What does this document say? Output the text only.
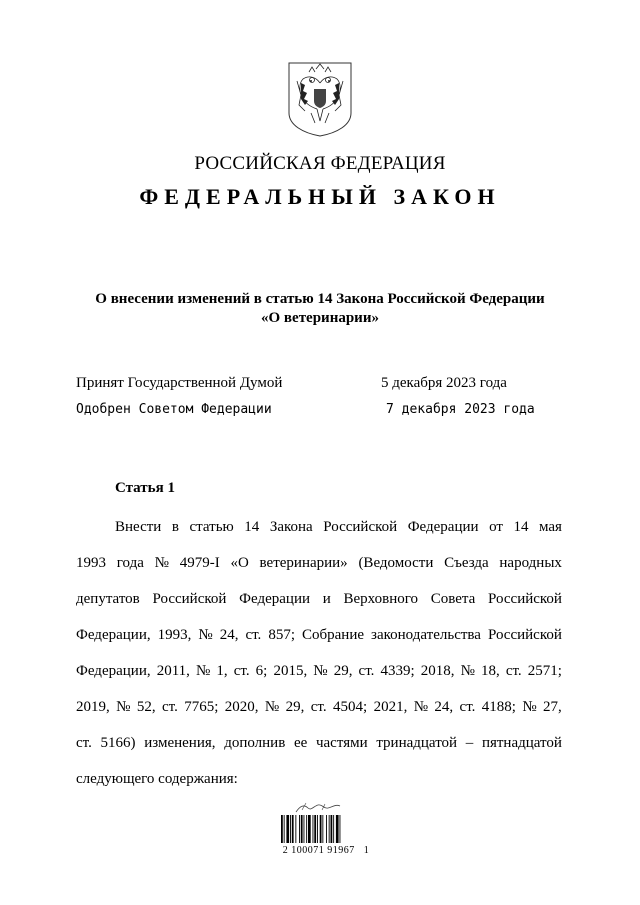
РОССИЙСКАЯ ФЕДЕРАЦИЯ
ФЕДЕРАЛЬНЫЙ ЗАКОН
О внесении изменений в статью 14 Закона Российской Федерации
«О ветеринарии»
Принят Государственной Думой	5 декабря 2023 года
Одобрен Советом Федерации	7 декабря 2023 года
Статья 1
Внести в статью 14 Закона Российской Федерации от 14 мая
1993 года № 4979-I «О ветеринарии» (Ведомости Съезда народных
депутатов Российской Федерации и Верховного Совета Российской
Федерации, 1993, № 24, ст. 857; Собрание законодательства Российской
Федерации, 2011, № 1, ст. 6; 2015, № 29, ст. 4339; 2018, № 18, ст. 2571;
2019, № 52, ст. 7765; 2020, № 29, ст. 4504; 2021, № 24, ст. 4188; № 27,
ст. 5166) изменения, дополнив ее частями тринадцатой – пятнадцатой
следующего содержания:
2 100071 91967   1
